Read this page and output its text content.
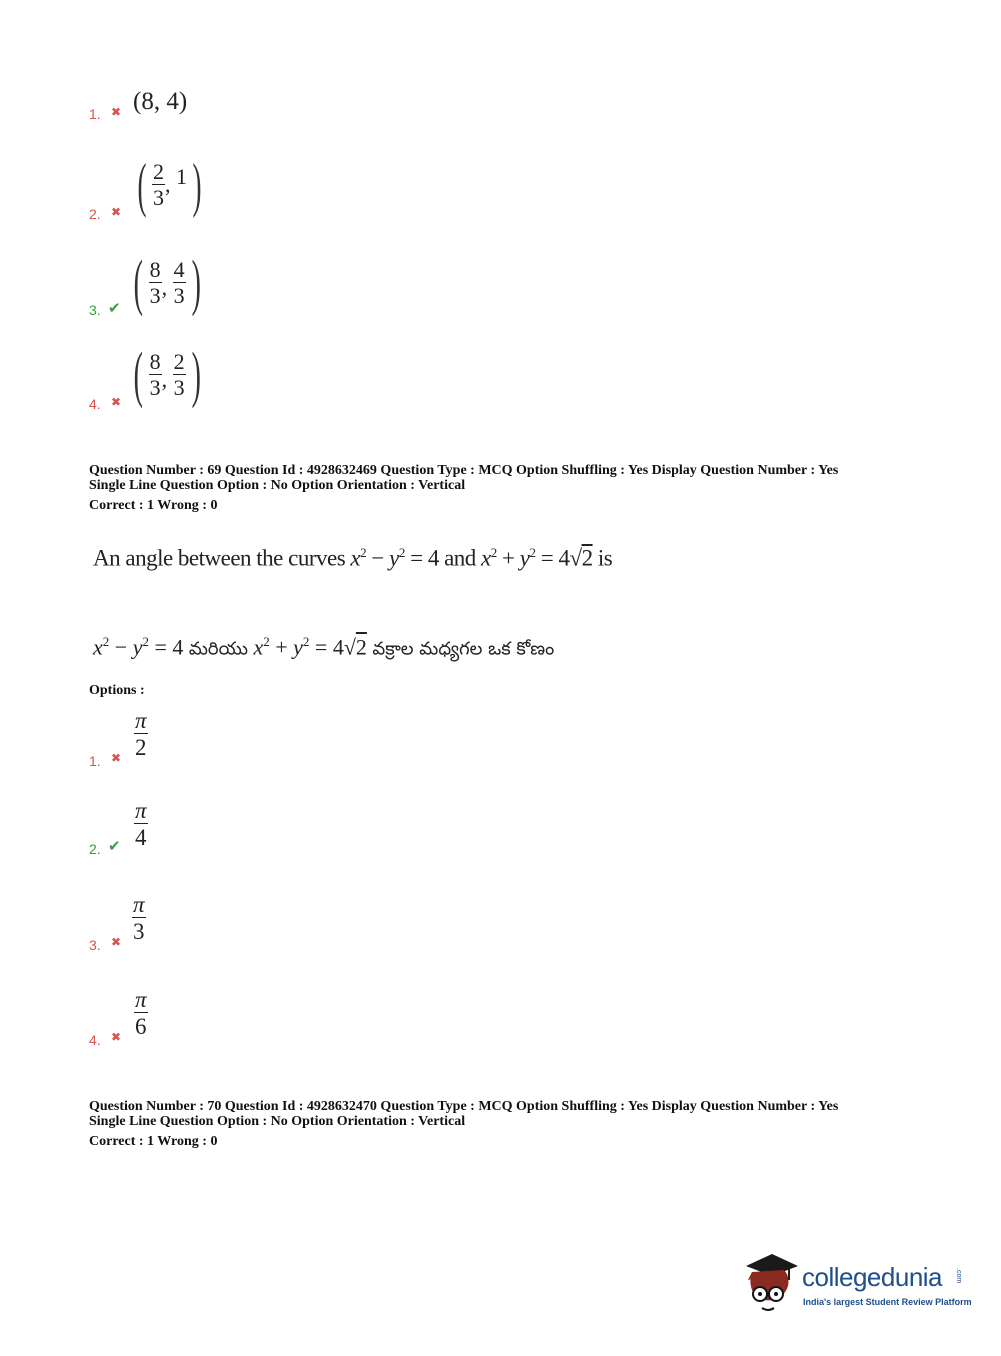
1. ✖ (8, 4)
2. ✖ ( $\frac{2}{3}$ , 1 )
3. ✔ ( $\frac{8}{3}$ , $\frac{4}{3}$ )
4. ✖ ( $\frac{8}{3}$ , $\frac{2}{3}$ )
Question Number : 69 Question Id : 4928632469 Question Type : MCQ Option Shuffling : Yes Display Question Number : Yes
Single Line Question Option : No Option Orientation : Vertical
Correct : 1 Wrong : 0
An angle between the curves $x^2 - y^2 = 4$ and $x^2 + y^2 = 4√2$ is
$x^2 - y^2 = 4$ మరియు $x^2 + y^2 = 4√2$ వక్రాల మధ్యగల ఒక కోణం
Options :
1. ✖ $\frac{\pi}{2}$
2. ✔ $\frac{\pi}{4}$
3. ✖ $\frac{\pi}{3}$
4. ✖ $\frac{\pi}{6}$
Question Number : 70 Question Id : 4928632470 Question Type : MCQ Option Shuffling : Yes Display Question Number : Yes
Single Line Question Option : No Option Orientation : Vertical
Correct : 1 Wrong : 0
collegedunia .com
India's largest Student Review Platform
